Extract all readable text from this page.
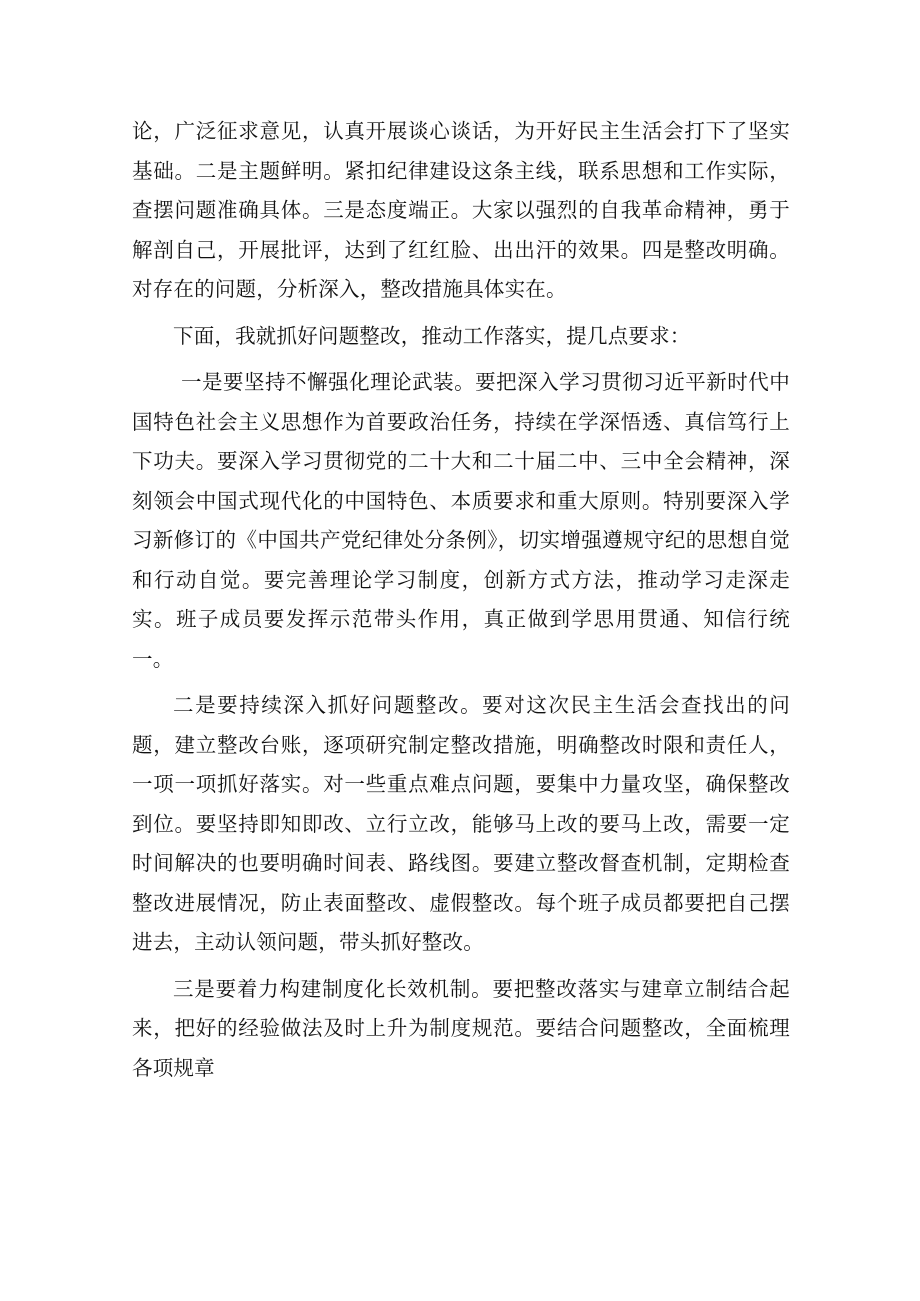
论，广泛征求意见，认真开展谈心谈话，为开好民主生活会打下了坚实基础。二是主题鲜明。紧扣纪律建设这条主线，联系思想和工作实际，查摆问题准确具体。三是态度端正。大家以强烈的自我革命精神，勇于解剖自己，开展批评，达到了红红脸、出出汗的效果。四是整改明确。对存在的问题，分析深入，整改措施具体实在。

下面，我就抓好问题整改，推动工作落实，提几点要求：

一是要坚持不懈强化理论武装。要把深入学习贯彻习近平新时代中国特色社会主义思想作为首要政治任务，持续在学深悟透、真信笃行上下功夫。要深入学习贯彻党的二十大和二十届二中、三中全会精神，深刻领会中国式现代化的中国特色、本质要求和重大原则。特别要深入学习新修订的《中国共产党纪律处分条例》，切实增强遵规守纪的思想自觉和行动自觉。要完善理论学习制度，创新方式方法，推动学习走深走实。班子成员要发挥示范带头作用，真正做到学思用贯通、知信行统一。

二是要持续深入抓好问题整改。要对这次民主生活会查找出的问题，建立整改台账，逐项研究制定整改措施，明确整改时限和责任人，一项一项抓好落实。对一些重点难点问题，要集中力量攻坚，确保整改到位。要坚持即知即改、立行立改，能够马上改的要马上改，需要一定时间解决的也要明确时间表、路线图。要建立整改督查机制，定期检查整改进展情况，防止表面整改、虚假整改。每个班子成员都要把自己摆进去，主动认领问题，带头抓好整改。

三是要着力构建制度化长效机制。要把整改落实与建章立制结合起来，把好的经验做法及时上升为制度规范。要结合问题整改，全面梳理各项规章
